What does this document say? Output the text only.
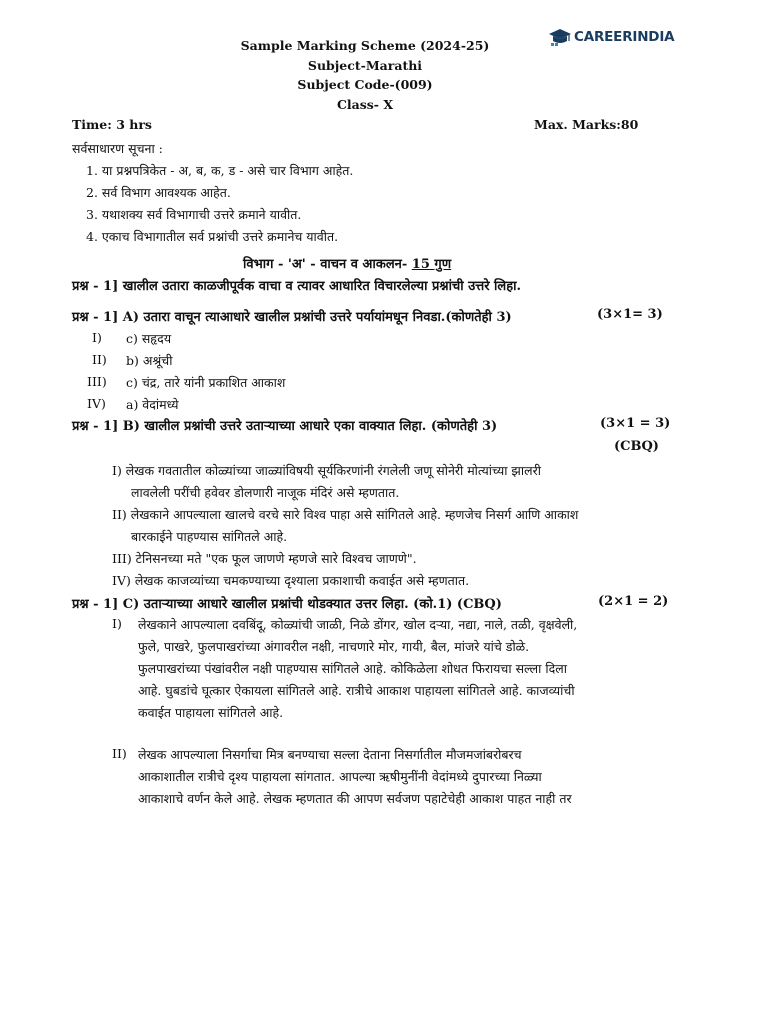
CAREERINDIA
Sample Marking Scheme (2024-25)
Subject-Marathi
Subject Code-(009)
Class- X
Time: 3 hrs	Max. Marks:80
सर्वसाधारण सूचना :
1. या प्रश्नपत्रिकेत - अ, ब, क, ड - असे चार विभाग आहेत.
2. सर्व विभाग आवश्यक आहेत.
3. यथाशक्य सर्व विभागाची उत्तरे क्रमाने यावीत.
4. एकाच विभागातील सर्व प्रश्नांची उत्तरे क्रमानेच यावीत.
विभाग - 'अ' - वाचन व आकलन- 15 गुण
प्रश्न - 1] खालील उतारा काळजीपूर्वक वाचा व त्यावर आधारित विचारलेल्या प्रश्नांची उत्तरे लिहा.
प्रश्न - 1] A) उतारा वाचून त्याआधारे खालील प्रश्नांची उत्तरे पर्यायांमधून निवडा.(कोणतेही 3)	(3×1= 3)
I) c) सहृदय
II) b) अश्रूंची
III) c) चंद्र, तारे यांनी प्रकाशित आकाश
IV) a) वेदांमध्ये
प्रश्न - 1] B) खालील प्रश्नांची उत्तरे उताऱ्याच्या आधारे एका वाक्यात लिहा. (कोणतेही 3)	(3×1 = 3)
(CBQ)
I) लेखक गवतातील कोळ्यांच्या जाळ्यांविषयी सूर्यकिरणांनी रंगलेली जणू सोनेरी मोत्यांच्या झालरी
लावलेली परींची हवेवर डोलणारी नाजूक मंदिरं असे म्हणतात.
II) लेखकाने आपल्याला खालचे वरचे सारे विश्व पाहा असे सांगितले आहे. म्हणजेच निसर्ग आणि आकाश
बारकाईने पाहण्यास सांगितले आहे.
III) टेनिसनच्या मते "एक फूल जाणणे म्हणजे सारे विश्वच जाणणे".
IV) लेखक काजव्यांच्या चमकण्याच्या दृश्याला प्रकाशाची कवाईत असे म्हणतात.
प्रश्न - 1] C) उताऱ्याच्या आधारे खालील प्रश्नांची थोडक्यात उत्तर लिहा. (को.1) (CBQ)	(2×1 = 2)
I) लेखकाने आपल्याला दवबिंदू, कोळ्यांची जाळी, निळे डोंगर, खोल दऱ्या, नद्या, नाले, तळी, वृक्षवेली,
फुले, पाखरे, फुलपाखरांच्या अंगावरील नक्षी, नाचणारे मोर, गायी, बैल, मांजरे यांचे डोळे.
फुलपाखरांच्या पंखांवरील नक्षी पाहण्यास सांगितले आहे. कोकिळेला शोधत फिरायचा सल्ला दिला
आहे. घुबडांचे घूत्कार ऐकायला सांगितले आहे. रात्रीचे आकाश पाहायला सांगितले आहे. काजव्यांची
कवाईत पाहायला सांगितले आहे.
II) लेखक आपल्याला निसर्गाचा मित्र बनण्याचा सल्ला देताना निसर्गातील मौजमजांबरोबरच
आकाशातील रात्रीचे दृश्य पाहायला सांगतात. आपल्या ऋषीमुनींनी वेदांमध्ये दुपारच्या निळ्या
आकाशाचे वर्णन केले आहे. लेखक म्हणतात की आपण सर्वजण पहाटेचेही आकाश पाहत नाही तर
